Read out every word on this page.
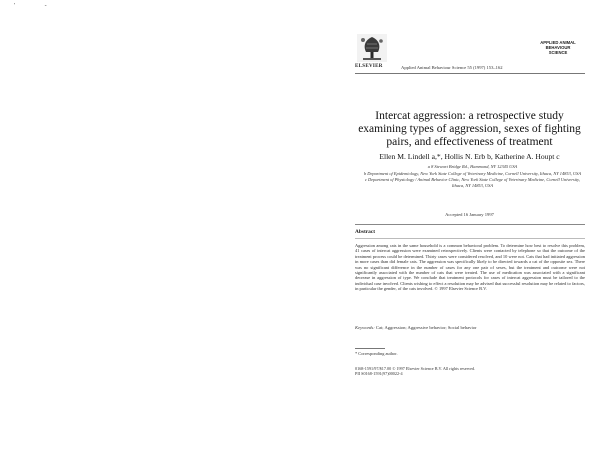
' -
ELSEVIER	Applied Animal Behaviour Science 55 (1997) 153–162
APPLIED ANIMAL
BEHAVIOUR
SCIENCE
Intercat aggression: a retrospective study examining types of aggression, sexes of fighting pairs, and effectiveness of treatment
Ellen M. Lindell a,*, Hollis N. Erb b, Katherine A. Houpt c

a 8 Stewart Bridge Rd., Hammond, NY 12345 USA

b Department of Epidemiology, New York State College of Veterinary Medicine, Cornell University, Ithaca, NY 14853, USA

c Department of Physiology / Animal Behavior Clinic, New York State College of Veterinary Medicine, Cornell University, Ithaca, NY 14853, USA

Accepted 16 January 1997
Abstract
Aggression among cats in the same household is a common behavioral problem. To determine how best to resolve this problem, 41 cases of intercat aggression were examined retrospectively. Clients were contacted by telephone so that the outcome of the treatment process could be determined. Thirty cases were considered resolved, and 10 were not. Cats that had initiated aggression in more cases than did female cats. The aggression was specifically likely to be directed towards a cat of the opposite sex. There was no significant difference in the number of cases for any one pair of sexes, but the treatment and outcome were not significantly associated with the number of cats that were treated. The use of medication was associated with a significant decrease in aggression of type. We conclude that treatment protocols for cases of intercat aggression must be tailored to the individual case involved. Clients wishing to effect a resolution may be advised that successful resolution may be related to factors, in particular the gender, of the cats involved. © 1997 Elsevier Science B.V.
Keywords: Cat; Aggression; Aggressive behavior; Social behavior
* Corresponding author.
0168-1591/97/$17.00 © 1997 Elsevier Science B.V. All rights reserved.
PII S0168-1591(97)00022-4
